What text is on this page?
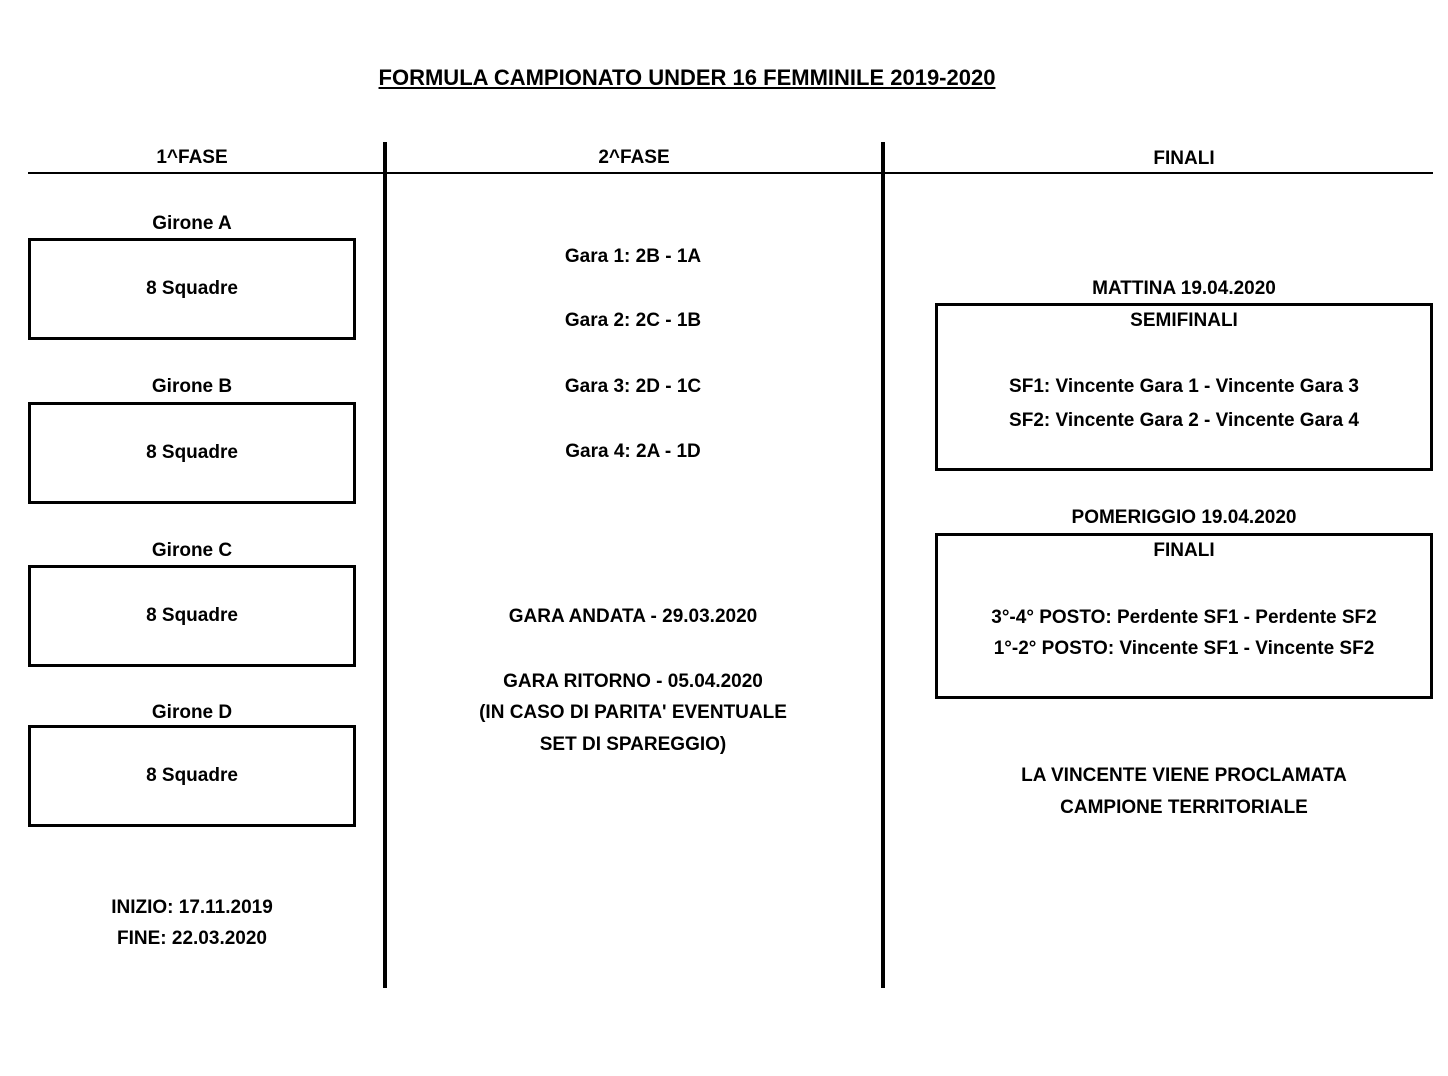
FORMULA CAMPIONATO UNDER 16 FEMMINILE 2019-2020
1^FASE	2^FASE	FINALI
Girone A
8 Squadre
Girone B
8 Squadre
Girone C
8 Squadre
Girone D
8 Squadre
INIZIO: 17.11.2019
FINE: 22.03.2020
Gara 1: 2B - 1A
Gara 2: 2C - 1B
Gara 3: 2D - 1C
Gara 4: 2A - 1D
GARA ANDATA - 29.03.2020
GARA RITORNO - 05.04.2020
(IN CASO DI PARITA' EVENTUALE
SET DI SPAREGGIO)
MATTINA 19.04.2020
SEMIFINALI
SF1: Vincente Gara 1 - Vincente Gara 3
SF2: Vincente Gara 2 - Vincente Gara 4
POMERIGGIO 19.04.2020
FINALI
3°-4° POSTO: Perdente SF1 - Perdente SF2
1°-2° POSTO: Vincente SF1 - Vincente SF2
LA VINCENTE VIENE PROCLAMATA
CAMPIONE TERRITORIALE
